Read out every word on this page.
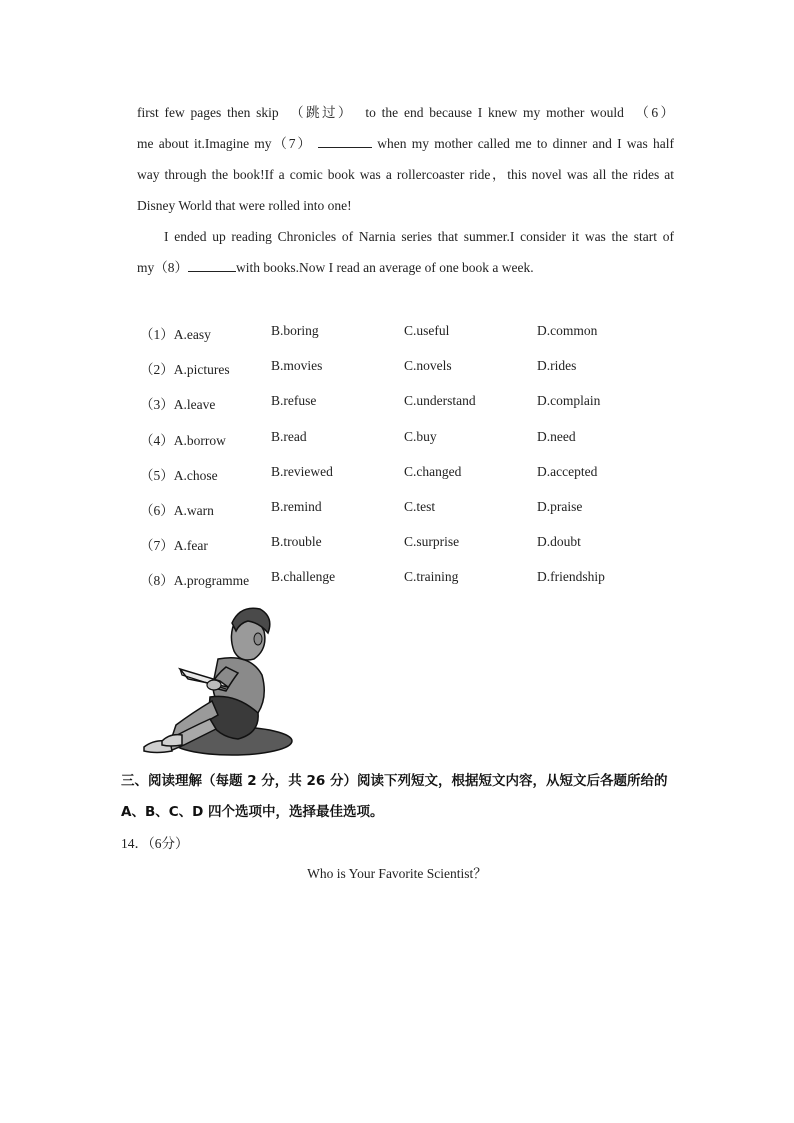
first few pages then skip  （跳过）  to the end because I knew my mother would  （6）
me about it.Imagine my（7）	when my mother called me to dinner and I was half
way through the book!If a comic book was a rollercoaster ride，this novel was all the rides at
Disney World that were rolled into one!
I ended up reading Chronicles of Narnia series that summer.I consider it was the start of
my（8）	with books.Now I read an average of one book a week.
（1）A.easy	B.boring	C.useful	D.common
（2）A.pictures	B.movies	C.novels	D.rides
（3）A.leave	B.refuse	C.understand	D.complain
（4）A.borrow	B.read	C.buy	D.need
（5）A.chose	B.reviewed	C.changed	D.accepted
（6）A.warn	B.remind	C.test	D.praise
（7）A.fear	B.trouble	C.surprise	D.doubt
（8）A.programme B.challenge	C.training	D.friendship
三、阅读理解（每题 2 分，共 26 分）阅读下列短文，根据短文内容，从短文后各题所给的
A、B、C、D 四个选项中，选择最佳选项。
14．（6分）
Who is Your Favorite Scientist？
